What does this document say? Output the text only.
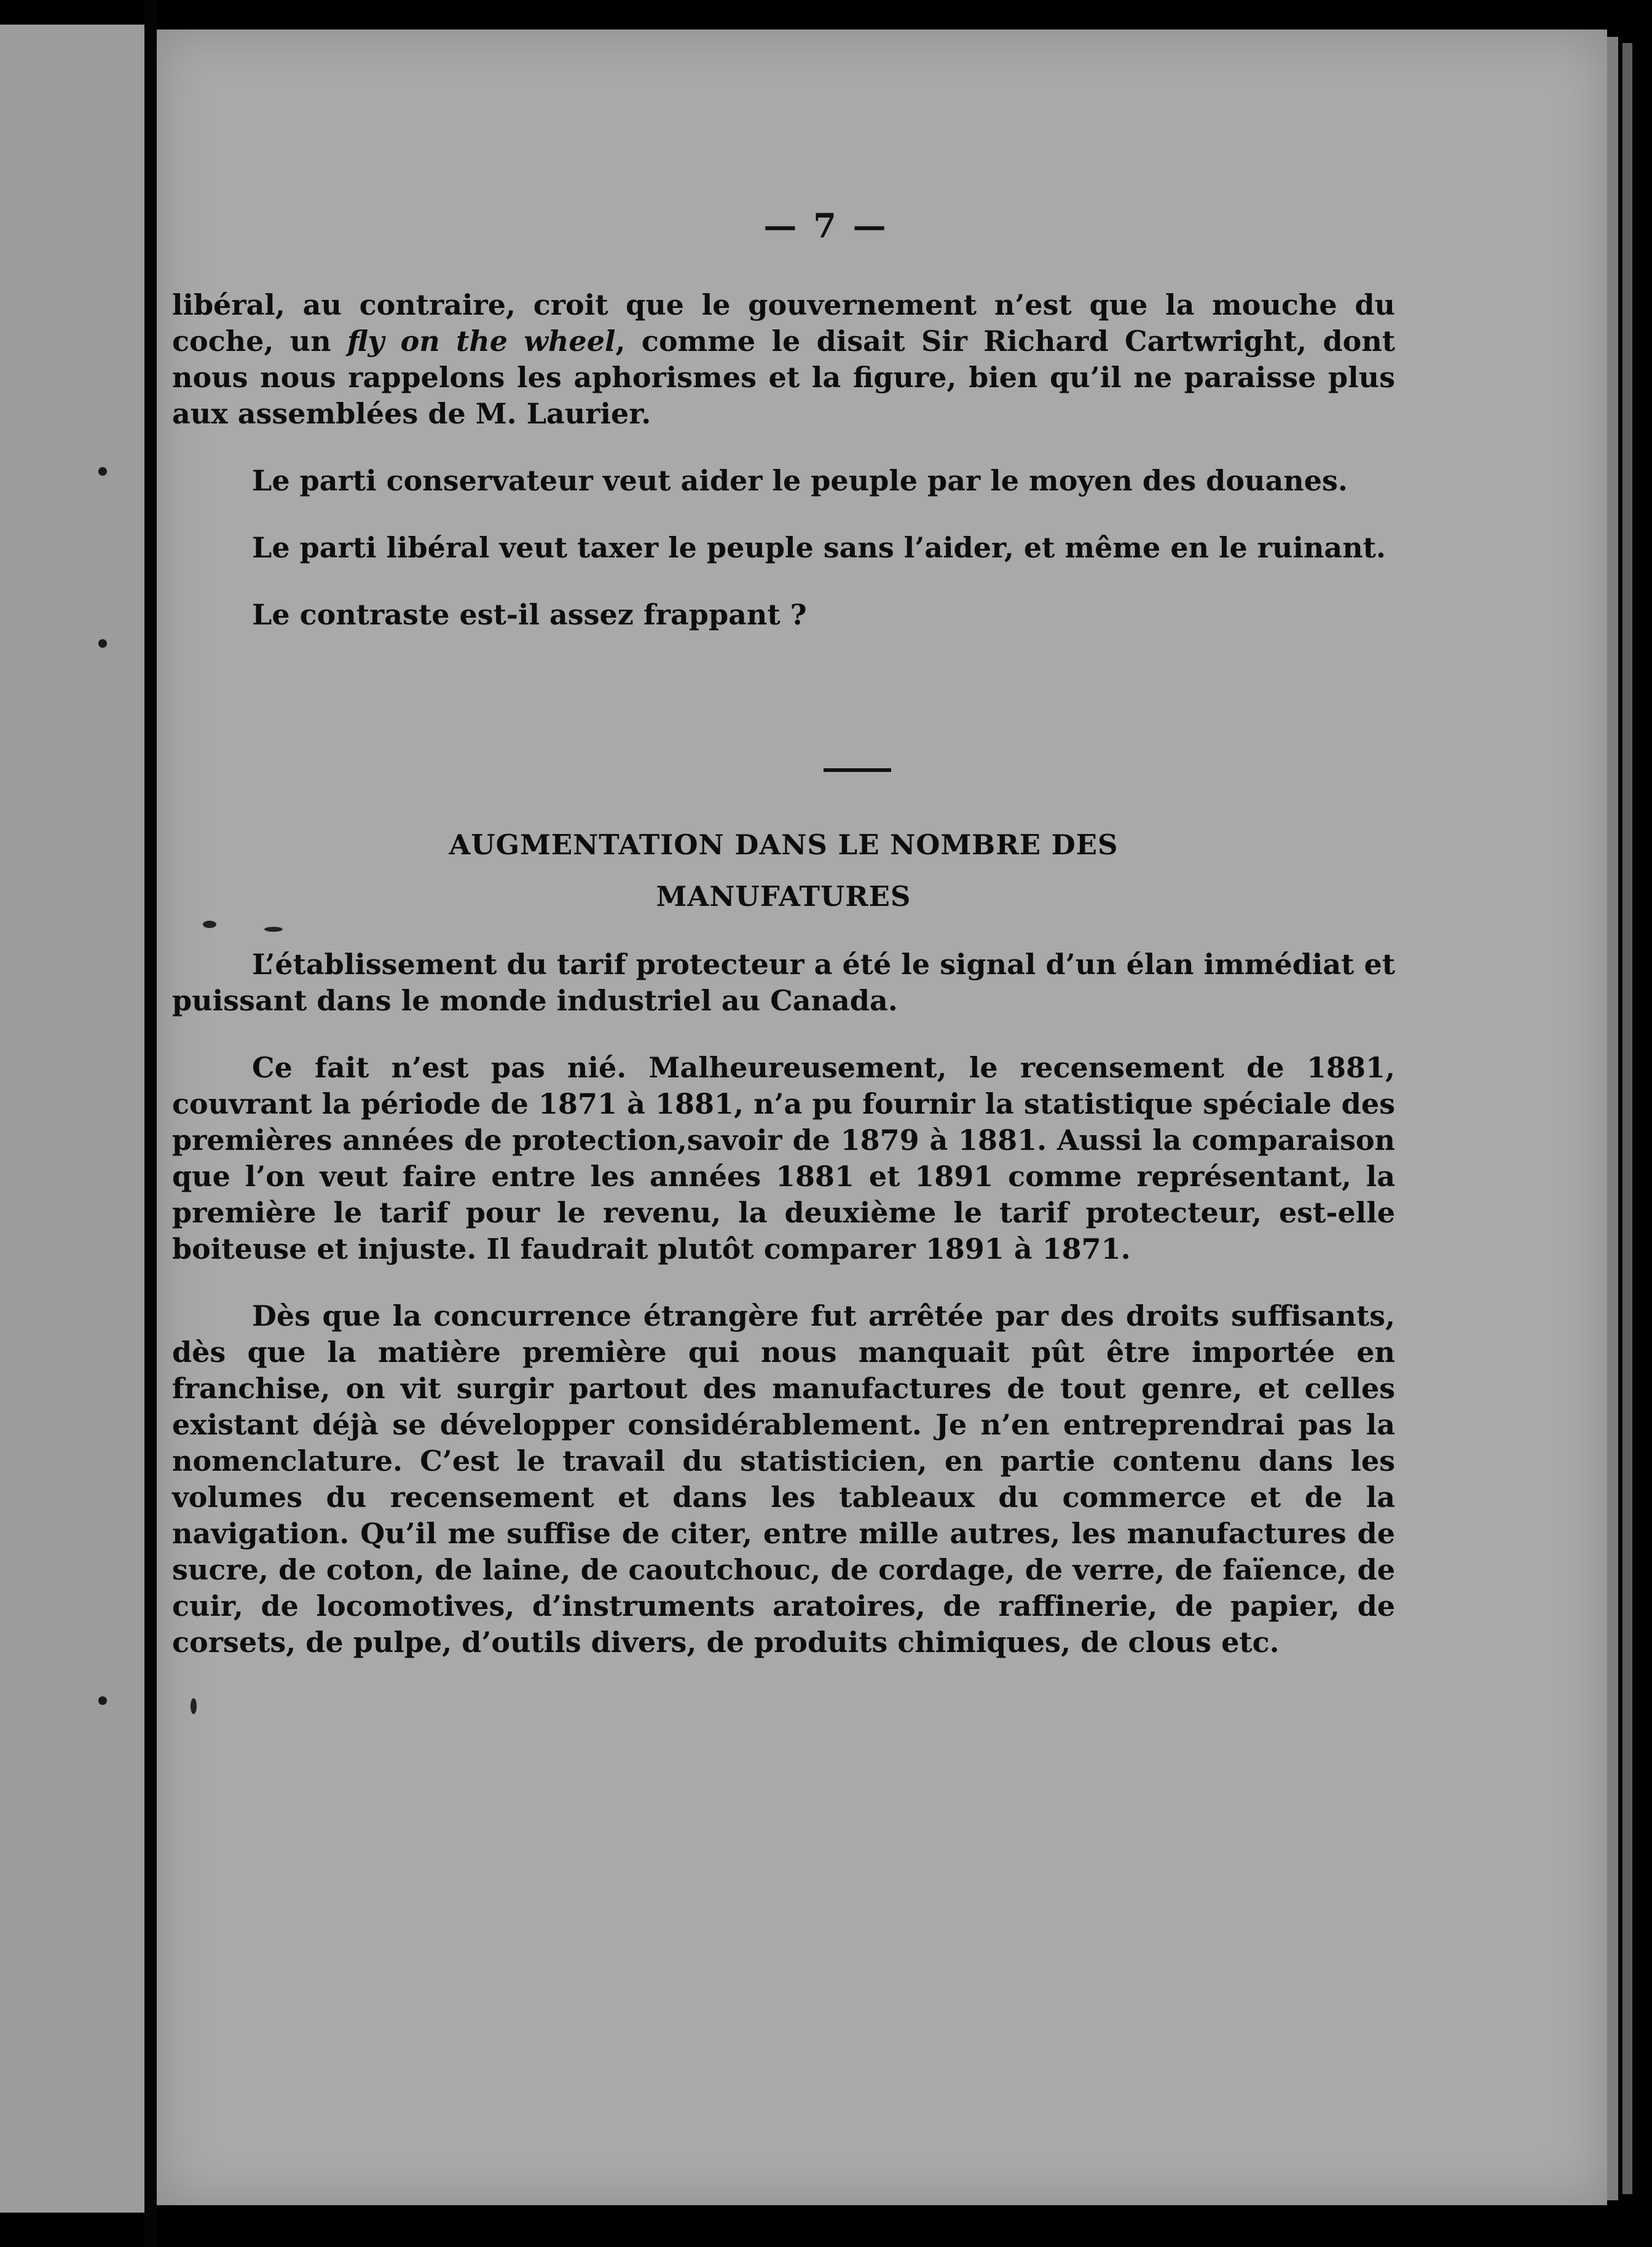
— 7 —

libéral, au contraire, croit que le gouvernement n’est que la mouche du coche, un fly on the wheel, comme le disait Sir Richard Cartwright, dont nous nous rappelons les aphorismes et la figure, bien qu’il ne paraisse plus aux assemblées de M. Laurier.

Le parti conservateur veut aider le peuple par le moyen des douanes.

Le parti libéral veut taxer le peuple sans l’aider, et même en le ruinant.

Le contraste est-il assez frappant ?

AUGMENTATION DANS LE NOMBRE DES
MANUFATURES

L’établissement du tarif protecteur a été le signal d’un élan immédiat et puissant dans le monde industriel au Canada.

Ce fait n’est pas nié. Malheureusement, le recensement de 1881, couvrant la période de 1871 à 1881, n’a pu fournir la statistique spéciale des premières années de protection,savoir de 1879 à 1881. Aussi la comparaison que l’on veut faire entre les années 1881 et 1891 comme représentant, la première le tarif pour le revenu, la deuxième le tarif protecteur, est-elle boiteuse et injuste. Il faudrait plutôt comparer 1891 à 1871.

Dès que la concurrence étrangère fut arrêtée par des droits suffisants, dès que la matière première qui nous manquait pût être importée en franchise, on vit surgir partout des manufactures de tout genre, et celles existant déjà se développer considérablement. Je n’en entreprendrai pas la nomenclature. C’est le travail du statisticien, en partie contenu dans les volumes du recensement et dans les tableaux du commerce et de la navigation. Qu’il me suffise de citer, entre mille autres, les manufactures de sucre, de coton, de laine, de caoutchouc, de cordage, de verre, de faïence, de cuir, de locomotives, d’instruments aratoires, de raffinerie, de papier, de corsets, de pulpe, d’outils divers, de produits chimiques, de clous etc.
